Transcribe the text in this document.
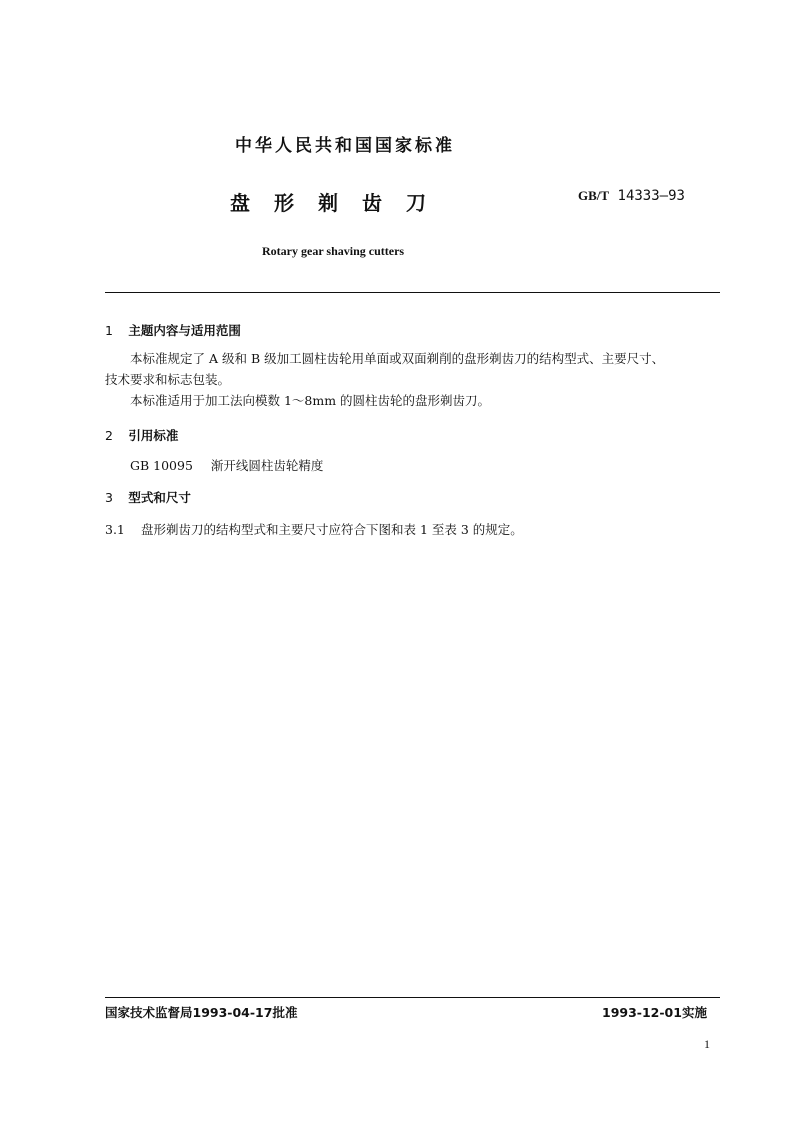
中华人民共和国国家标准
盘形剃齿刀	GB/T 14333—93
Rotary gear shaving cutters
1 主题内容与适用范围
本标准规定了 A 级和 B 级加工圆柱齿轮用单面或双面剃削的盘形剃齿刀的结构型式、主要尺寸、
技术要求和标志包装。
本标准适用于加工法向模数 1～8mm 的圆柱齿轮的盘形剃齿刀。
2 引用标准
GB 10095 渐开线圆柱齿轮精度
3 型式和尺寸
3.1 盘形剃齿刀的结构型式和主要尺寸应符合下图和表 1 至表 3 的规定。
国家技术监督局1993-04-17批准	1993-12-01实施
1
